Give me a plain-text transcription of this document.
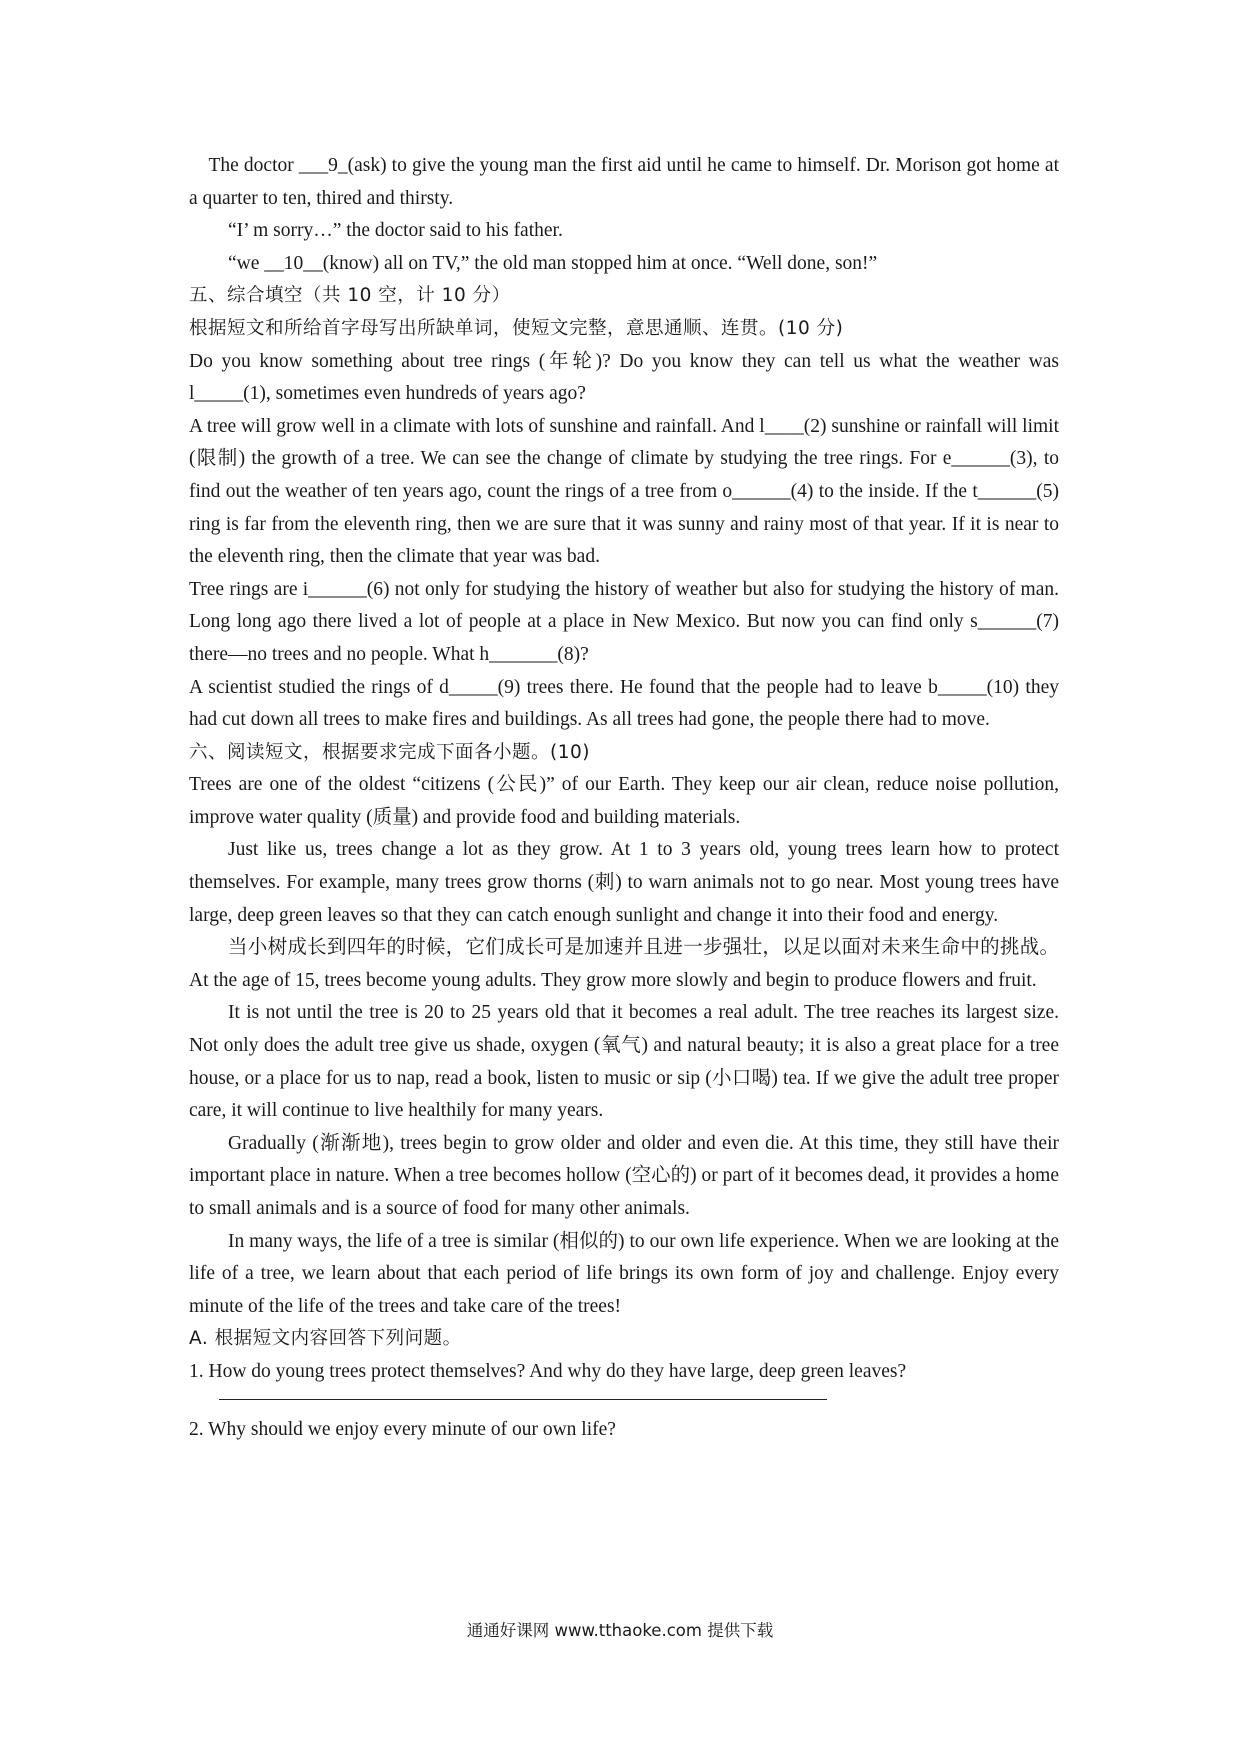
The doctor ___9_(ask) to give the young man the first aid until he came to himself. Dr. Morison got home at a quarter to ten, thired and thirsty.

“I’ m sorry…” the doctor said to his father.

“we __10__(know) all on TV,” the old man stopped him at once. “Well done, son!”

五、综合填空（共 10 空，计 10 分）

根据短文和所给首字母写出所缺单词，使短文完整，意思通顺、连贯。(10 分)

Do you know something about tree rings (年轮)? Do you know they can tell us what the weather was l_____(1), sometimes even hundreds of years ago?

A tree will grow well in a climate with lots of sunshine and rainfall. And l____(2) sunshine or rainfall will limit (限制) the growth of a tree. We can see the change of climate by studying the tree rings. For e______(3), to find out the weather of ten years ago, count the rings of a tree from o______(4) to the inside. If the t______(5) ring is far from the eleventh ring, then we are sure that it was sunny and rainy most of that year. If it is near to the eleventh ring, then the climate that year was bad.

Tree rings are i______(6) not only for studying the history of weather but also for studying the history of man. Long long ago there lived a lot of people at a place in New Mexico. But now you can find only s______(7) there—no trees and no people. What h_______(8)?

A scientist studied the rings of d_____(9) trees there. He found that the people had to leave b_____(10) they had cut down all trees to make fires and buildings. As all trees had gone, the people there had to move.

六、阅读短文，根据要求完成下面各小题。(10)

Trees are one of the oldest “citizens (公民)” of our Earth. They keep our air clean, reduce noise pollution, improve water quality (质量) and provide food and building materials.

Just like us, trees change a lot as they grow. At 1 to 3 years old, young trees learn how to protect themselves. For example, many trees grow thorns (刺) to warn animals not to go near. Most young trees have large, deep green leaves so that they can catch enough sunlight and change it into their food and energy.

当小树成长到四年的时候，它们成长可是加速并且进一步强壮，以足以面对未来生命中的挑战。At the age of 15, trees become young adults. They grow more slowly and begin to produce flowers and fruit.

It is not until the tree is 20 to 25 years old that it becomes a real adult. The tree reaches its largest size. Not only does the adult tree give us shade, oxygen (氧气) and natural beauty; it is also a great place for a tree house, or a place for us to nap, read a book, listen to music or sip (小口喝) tea. If we give the adult tree proper care, it will continue to live healthily for many years.

Gradually (渐渐地), trees begin to grow older and older and even die. At this time, they still have their important place in nature. When a tree becomes hollow (空心的) or part of it becomes dead, it provides a home to small animals and is a source of food for many other animals.

In many ways, the life of a tree is similar (相似的) to our own life experience. When we are looking at the life of a tree, we learn about that each period of life brings its own form of joy and challenge. Enjoy every minute of the life of the trees and take care of the trees!

A. 根据短文内容回答下列问题。

1. How do young trees protect themselves? And why do they have large, deep green leaves?

2. Why should we enjoy every minute of our own life?

通通好课网 www.tthaoke.com 提供下载
